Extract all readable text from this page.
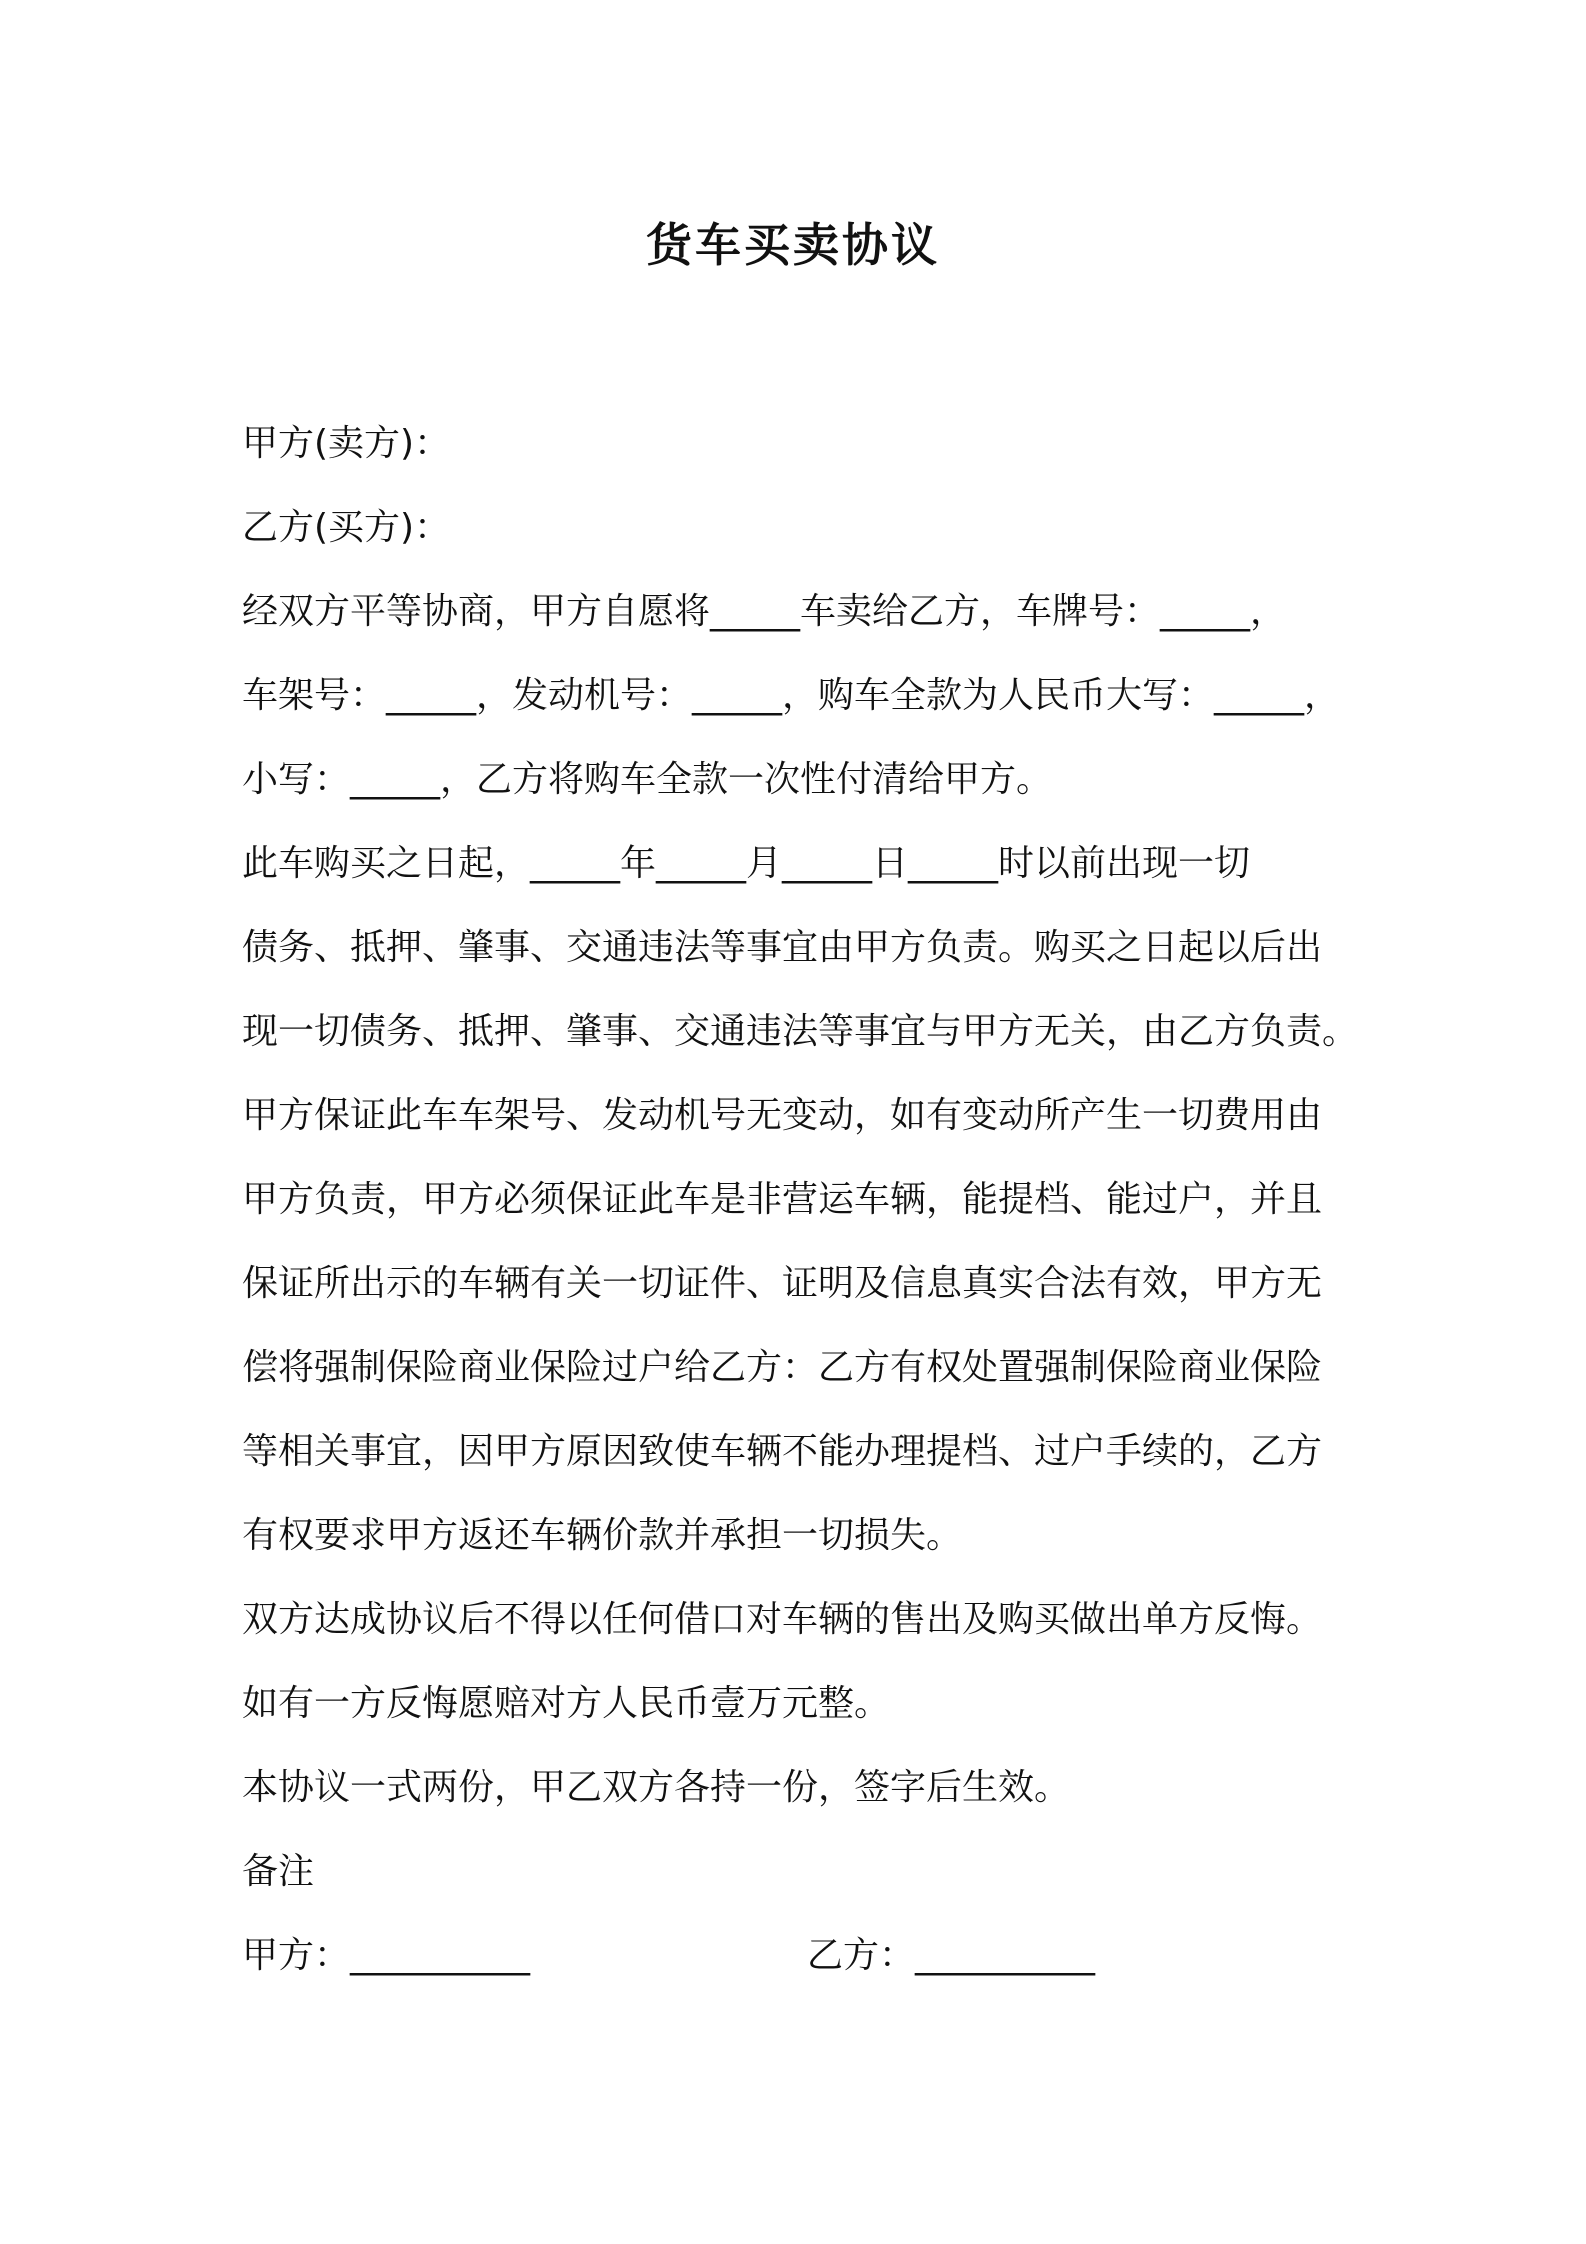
货车买卖协议
甲方(卖方)：
乙方(买方)：
经双方平等协商，甲方自愿将_____车卖给乙方，车牌号：_____，
车架号：_____，发动机号：_____，购车全款为人民币大写：_____，
小写：_____，乙方将购车全款一次性付清给甲方。
此车购买之日起，_____年_____月_____日_____时以前出现一切
债务、抵押、肇事、交通违法等事宜由甲方负责。购买之日起以后出
现一切债务、抵押、肇事、交通违法等事宜与甲方无关，由乙方负责。
甲方保证此车车架号、发动机号无变动，如有变动所产生一切费用由
甲方负责，甲方必须保证此车是非营运车辆，能提档、能过户，并且
保证所出示的车辆有关一切证件、证明及信息真实合法有效，甲方无
偿将强制保险商业保险过户给乙方：乙方有权处置强制保险商业保险
等相关事宜，因甲方原因致使车辆不能办理提档、过户手续的，乙方
有权要求甲方返还车辆价款并承担一切损失。
双方达成协议后不得以任何借口对车辆的售出及购买做出单方反悔。
如有一方反悔愿赔对方人民币壹万元整。
本协议一式两份，甲乙双方各持一份，签字后生效。
备注
甲方：__________	乙方：__________
